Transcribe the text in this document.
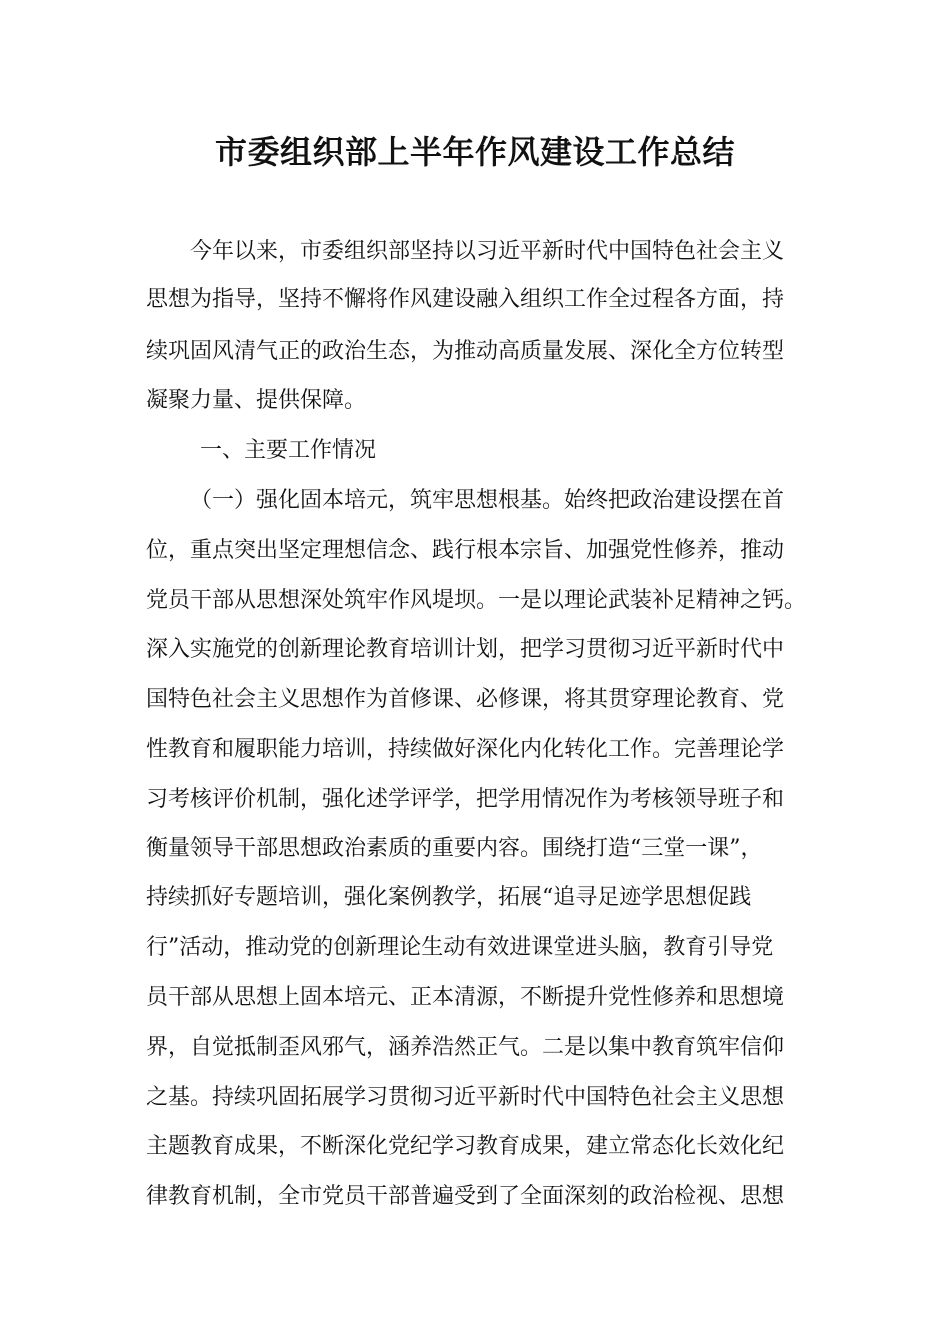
市委组织部上半年作风建设工作总结

今年以来，市委组织部坚持以习近平新时代中国特色社会主义

思想为指导，坚持不懈将作风建设融入组织工作全过程各方面，持

续巩固风清气正的政治生态，为推动高质量发展、深化全方位转型

凝聚力量、提供保障。

一、主要工作情况

（一）强化固本培元，筑牢思想根基。始终把政治建设摆在首

位，重点突出坚定理想信念、践行根本宗旨、加强党性修养，推动

党员干部从思想深处筑牢作风堤坝。一是以理论武装补足精神之钙。

深入实施党的创新理论教育培训计划，把学习贯彻习近平新时代中

国特色社会主义思想作为首修课、必修课，将其贯穿理论教育、党

性教育和履职能力培训，持续做好深化内化转化工作。完善理论学

习考核评价机制，强化述学评学，把学用情况作为考核领导班子和

衡量领导干部思想政治素质的重要内容。围绕打造“三堂一课”，

持续抓好专题培训，强化案例教学，拓展“追寻足迹学思想促践

行”活动，推动党的创新理论生动有效进课堂进头脑，教育引导党

员干部从思想上固本培元、正本清源，不断提升党性修养和思想境

界，自觉抵制歪风邪气，涵养浩然正气。二是以集中教育筑牢信仰

之基。持续巩固拓展学习贯彻习近平新时代中国特色社会主义思想

主题教育成果，不断深化党纪学习教育成果，建立常态化长效化纪

律教育机制，全市党员干部普遍受到了全面深刻的政治检视、思想
